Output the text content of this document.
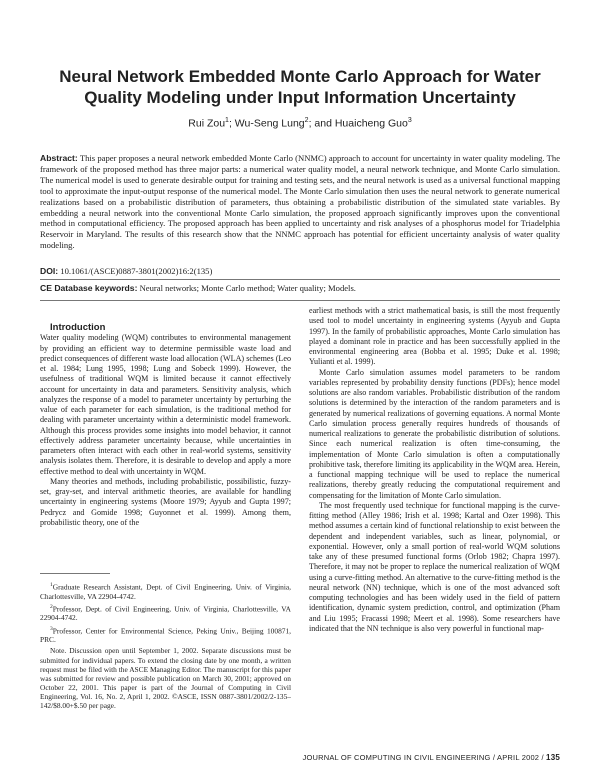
Neural Network Embedded Monte Carlo Approach for Water Quality Modeling under Input Information Uncertainty
Rui Zou$^1$; Wu-Seng Lung$^2$; and Huaicheng Guo$^3$
Abstract: This paper proposes a neural network embedded Monte Carlo (NNMC) approach to account for uncertainty in water quality modeling. The framework of the proposed method has three major parts: a numerical water quality model, a neural network technique, and Monte Carlo simulation. The numerical model is used to generate desirable output for training and testing sets, and the neural network is used as a universal functional mapping tool to approximate the input-output response of the numerical model. The Monte Carlo simulation then uses the neural network to generate numerical realizations based on a probabilistic distribution of parameters, thus obtaining a probabilistic distribution of the simulated state variables. By embedding a neural network into the conventional Monte Carlo simulation, the proposed approach significantly improves upon the conventional method in computational efficiency. The proposed approach has been applied to uncertainty and risk analyses of a phosphorus model for Triadelphia Reservoir in Maryland. The results of this research show that the NNMC approach has potential for efficient uncertainty analysis of water quality modeling.
DOI: 10.1061/(ASCE)0887-3801(2002)16:2(135)
CE Database keywords: Neural networks; Monte Carlo method; Water quality; Models.

Introduction

Water quality modeling (WQM) contributes to environmental management by providing an efficient way to determine permissible waste load and predict consequences of different waste load allocation (WLA) schemes (Leo et al. 1984; Lung 1995, 1998; Lung and Sobeck 1999). However, the usefulness of traditional WQM is limited because it cannot effectively account for uncertainty in data and parameters. Sensitivity analysis, which analyzes the response of a model to parameter uncertainty by perturbing the value of each parameter for each simulation, is the traditional method for dealing with parameter uncertainty within a deterministic model framework. Although this process provides some insights into model behavior, it cannot effectively address parameter uncertainty because, while uncertainties in parameters often interact with each other in real-world systems, sensitivity analysis isolates them. Therefore, it is desirable to develop and apply a more effective method to deal with uncertainty in WQM.

Many theories and methods, including probabilistic, possibilistic, fuzzy-set, gray-set, and interval arithmetic theories, are available for handling uncertainty in engineering systems (Moore 1979; Ayyub and Gupta 1997; Pedrycz and Gomide 1998; Guyonnet et al. 1999). Among them, probabilistic theory, one of the

$^1$Graduate Research Assistant, Dept. of Civil Engineering, Univ. of Virginia, Charlottesville, VA 22904-4742.

$^2$Professor, Dept. of Civil Engineering, Univ. of Virginia, Charlottesville, VA 22904-4742.

$^3$Professor, Center for Environmental Science, Peking Univ., Beijing 100871, PRC.

Note. Discussion open until September 1, 2002. Separate discussions must be submitted for individual papers. To extend the closing date by one month, a written request must be filed with the ASCE Managing Editor. The manuscript for this paper was submitted for review and possible publication on March 30, 2001; approved on October 22, 2001. This paper is part of the Journal of Computing in Civil Engineering, Vol. 16, No. 2, April 1, 2002. ©ASCE, ISSN 0887-3801/2002/2-135–142/$8.00+$.50 per page.

earliest methods with a strict mathematical basis, is still the most frequently used tool to model uncertainty in engineering systems (Ayyub and Gupta 1997). In the family of probabilistic approaches, Monte Carlo simulation has played a dominant role in practice and has been successfully applied in the environmental engineering area (Bobba et al. 1995; Duke et al. 1998; Yulianti et al. 1999).

Monte Carlo simulation assumes model parameters to be random variables represented by probability density functions (PDFs); hence model solutions are also random variables. Probabilistic distribution of the random solutions is determined by the interaction of the random parameters and is generated by numerical realizations of governing equations. A normal Monte Carlo simulation process generally requires hundreds of thousands of numerical realizations to generate the probabilistic distribution of solutions. Since each numerical realization is often time-consuming, the implementation of Monte Carlo simulation is often a computationally prohibitive task, therefore limiting its applicability in the WQM area. Herein, a functional mapping technique will be used to replace the numerical realizations, thereby greatly reducing the computational requirement and compensating for the limitation of Monte Carlo simulation.

The most frequently used technique for functional mapping is the curve-fitting method (Alley 1986; Irish et al. 1998; Kartal and Ozer 1998). This method assumes a certain kind of functional relationship to exist between the dependent and independent variables, such as linear, polynomial, or exponential. However, only a small portion of real-world WQM solutions take any of these presumed functional forms (Orlob 1982; Chapra 1997). Therefore, it may not be proper to replace the numerical realization of WQM using a curve-fitting method. An alternative to the curve-fitting method is the neural network (NN) technique, which is one of the most advanced soft computing technologies and has been widely used in the field of pattern identification, dynamic system prediction, control, and optimization (Pham and Liu 1995; Fracassi 1998; Meert et al. 1998). Some researchers have indicated that the NN technique is also very powerful in functional map-

JOURNAL OF COMPUTING IN CIVIL ENGINEERING / APRIL 2002 / 135
